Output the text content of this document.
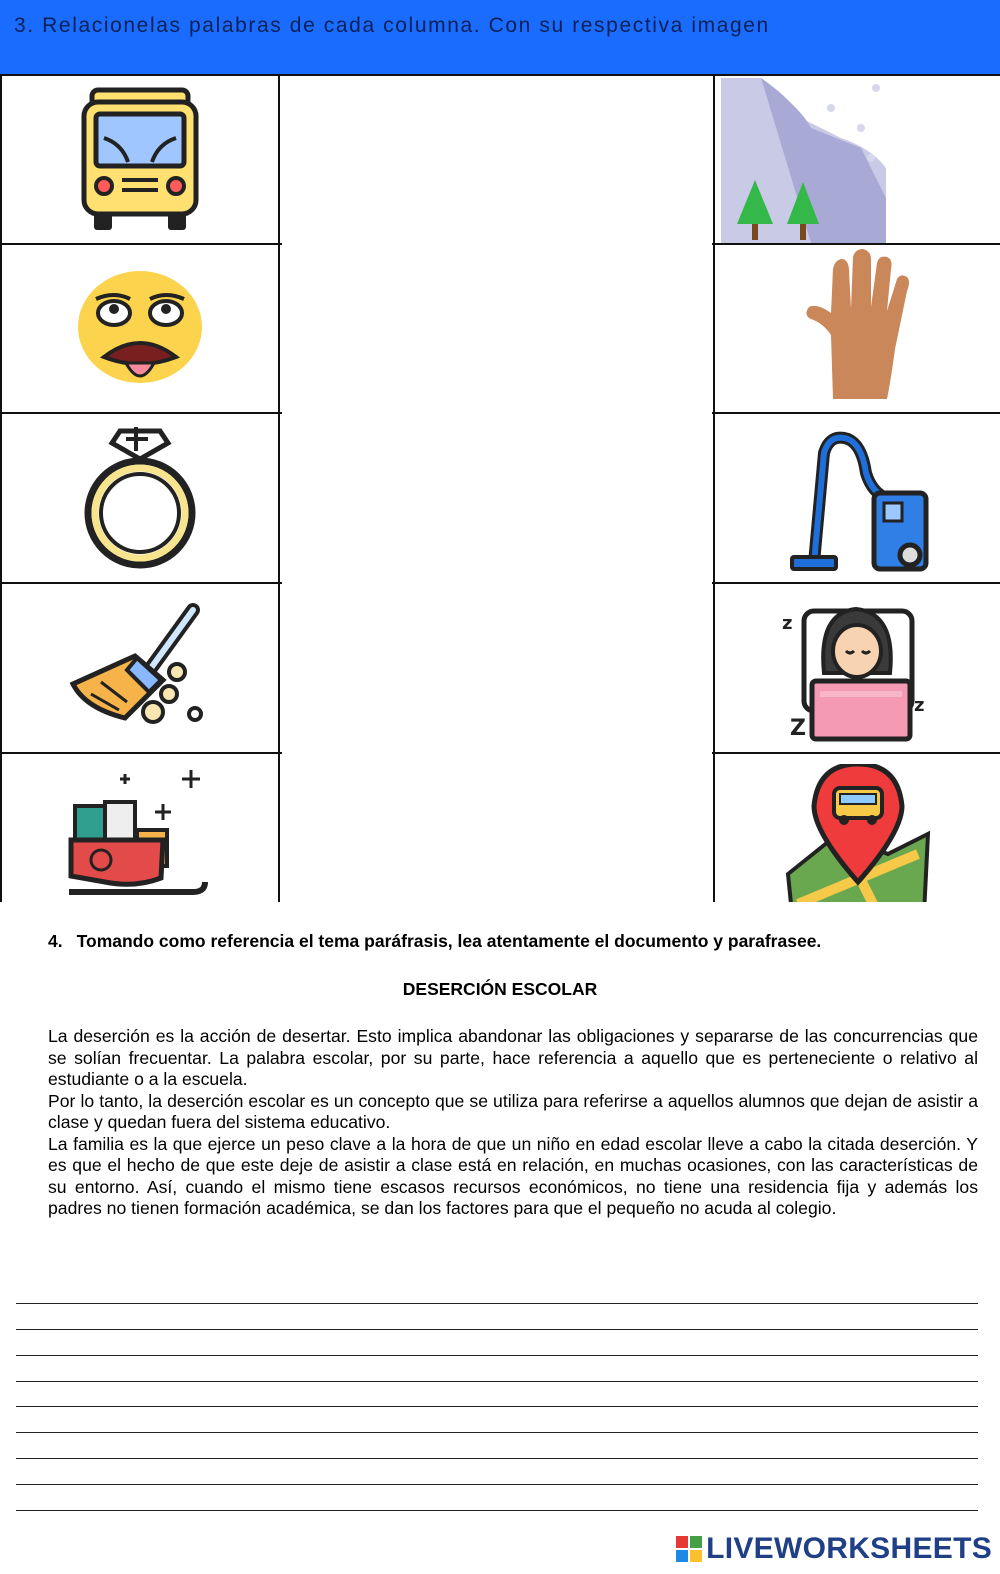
3. Relacionelas palabras de cada columna. Con su respectiva imagen
z
z
Z
4. Tomando como referencia el tema paráfrasis, lea atentamente el documento y parafrasee.
DESERCIÓN ESCOLAR

La deserción es la acción de desertar. Esto implica abandonar las obligaciones y separarse de las concurrencias que se solían frecuentar. La palabra escolar, por su parte, hace referencia a aquello que es perteneciente o relativo al estudiante o a la escuela.

Por lo tanto, la deserción escolar es un concepto que se utiliza para referirse a aquellos alumnos que dejan de asistir a clase y quedan fuera del sistema educativo.

La familia es la que ejerce un peso clave a la hora de que un niño en edad escolar lleve a cabo la citada deserción. Y es que el hecho de que este deje de asistir a clase está en relación, en muchas ocasiones, con las características de su entorno. Así, cuando el mismo tiene escasos recursos económicos, no tiene una residencia fija y además los padres no tienen formación académica, se dan los factores para que el pequeño no acuda al colegio.

LIVEWORKSHEETS
